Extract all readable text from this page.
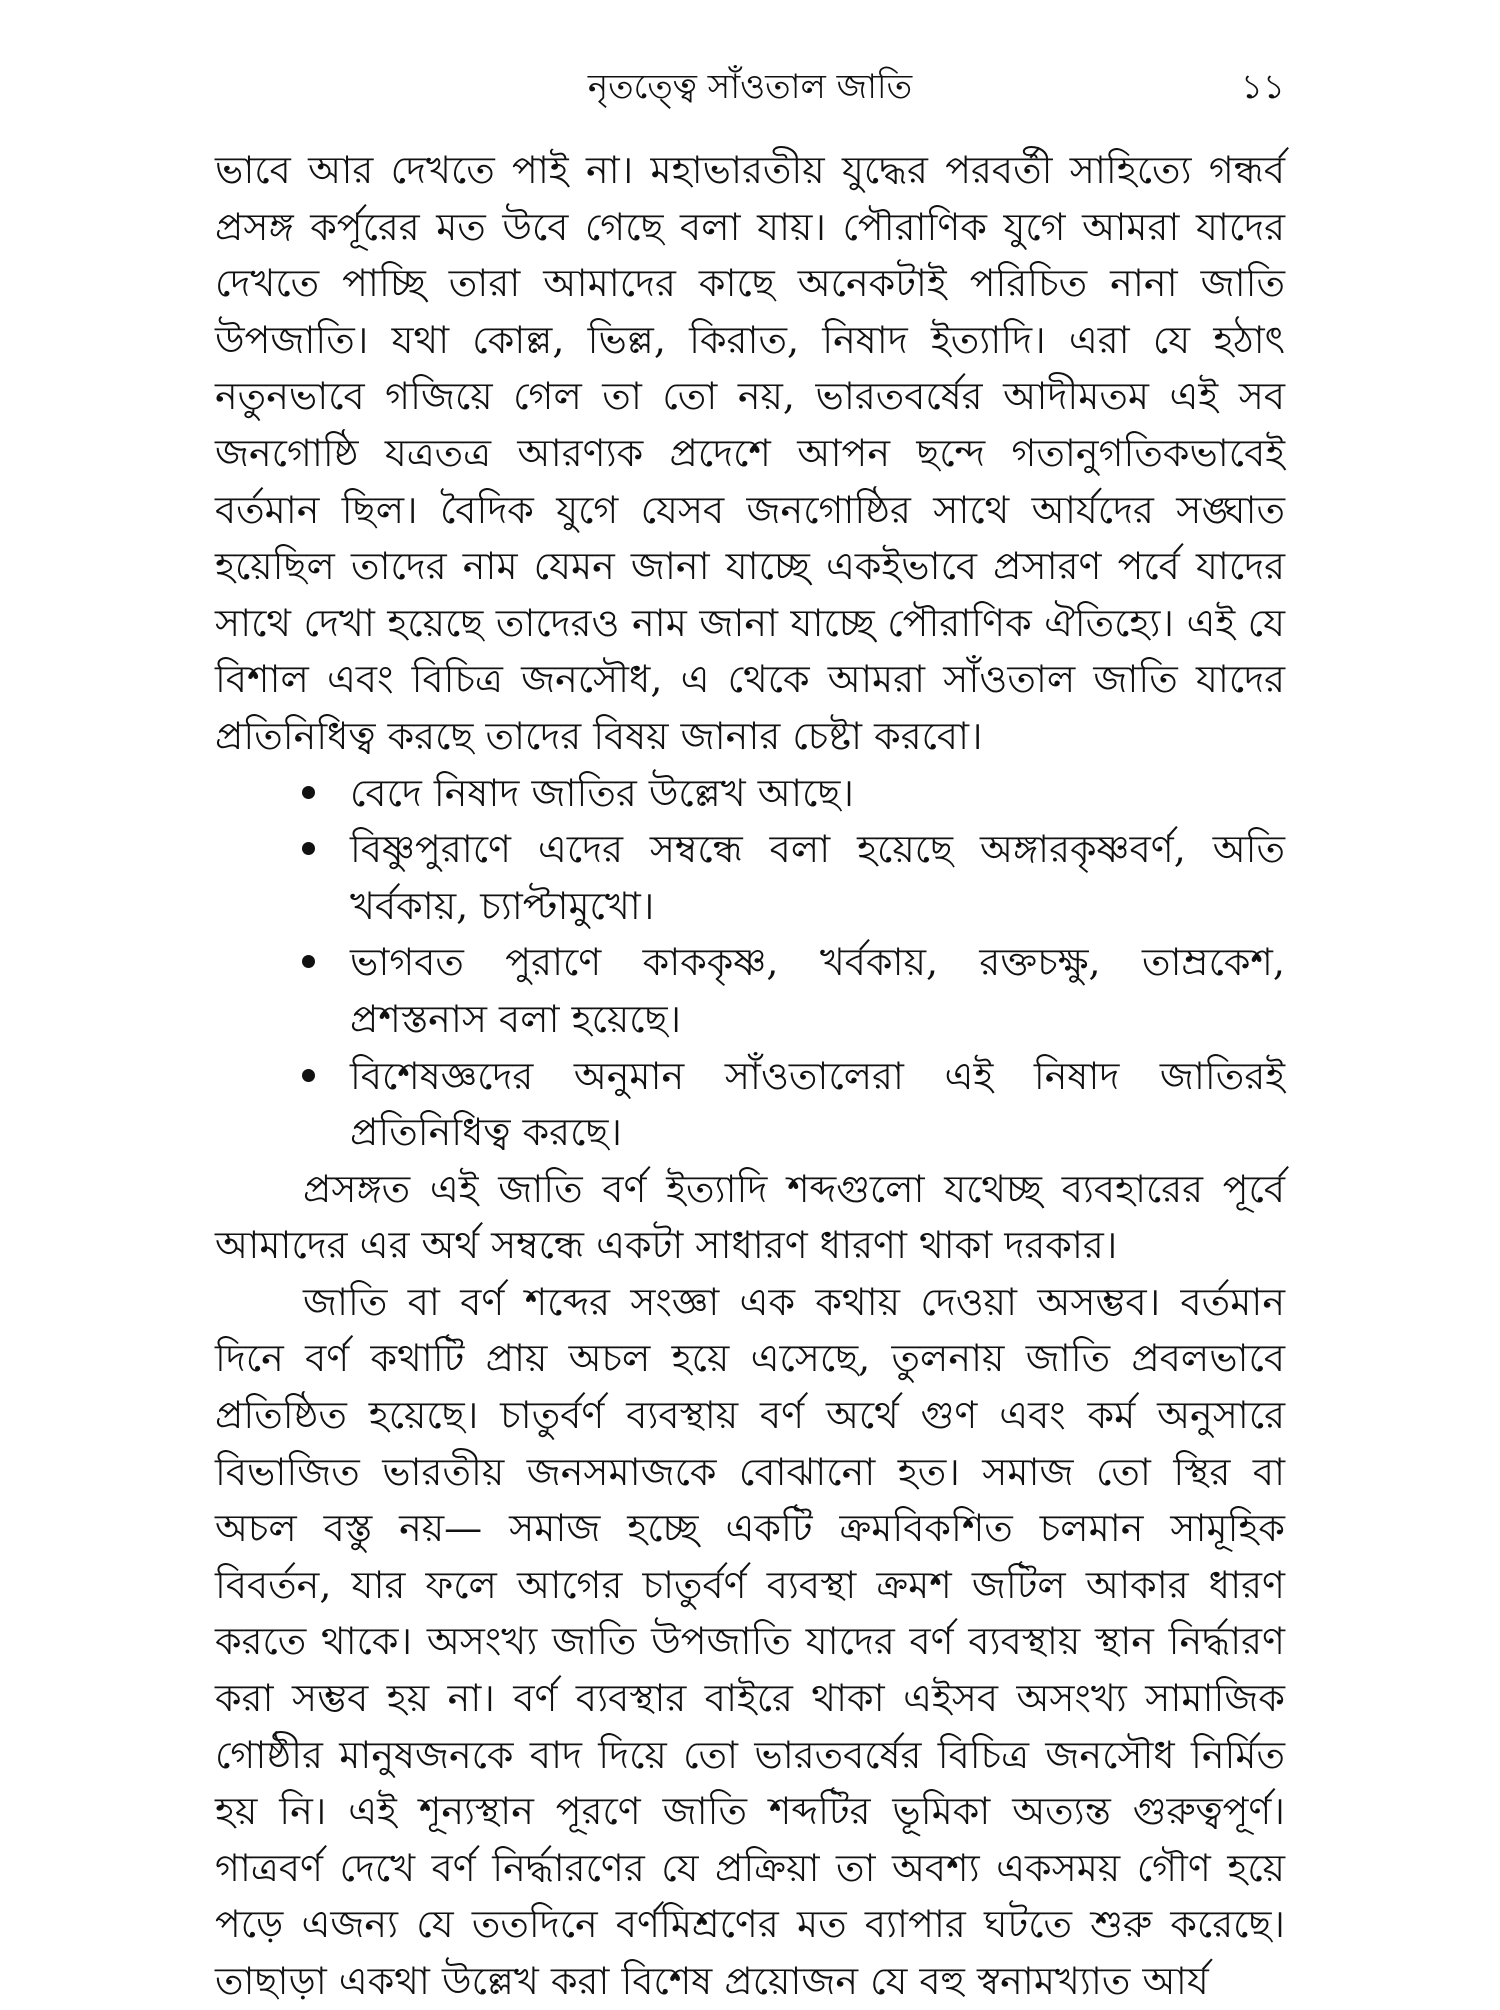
নৃতত্ত্বে সাঁওতাল জাতি	১১

ভাবে আর দেখতে পাই না। মহাভারতীয় যুদ্ধের পরবর্তী সাহিত্যে গন্ধর্ব প্রসঙ্গ কর্পূরের মত উবে গেছে বলা যায়। পৌরাণিক যুগে আমরা যাদের দেখতে পাচ্ছি তারা আমাদের কাছে অনেকটাই পরিচিত নানা জাতি উপজাতি। যথা কোল্ল, ভিল্ল, কিরাত, নিষাদ ইত্যাদি। এরা যে হঠাৎ নতুনভাবে গজিয়ে গেল তা তো নয়, ভারতবর্ষের আদীমতম এই সব জনগোষ্ঠি যত্রতত্র আরণ্যক প্রদেশে আপন ছন্দে গতানুগতিকভাবেই বর্তমান ছিল। বৈদিক যুগে যেসব জনগোষ্ঠির সাথে আর্যদের সঙ্ঘাত হয়েছিল তাদের নাম যেমন জানা যাচ্ছে একইভাবে প্রসারণ পর্বে যাদের সাথে দেখা হয়েছে তাদেরও নাম জানা যাচ্ছে পৌরাণিক ঐতিহ্যে। এই যে বিশাল এবং বিচিত্র জনসৌধ, এ থেকে আমরা সাঁওতাল জাতি যাদের প্রতিনিধিত্ব করছে তাদের বিষয় জানার চেষ্টা করবো।

বেদে নিষাদ জাতির উল্লেখ আছে।
বিষ্ণুপুরাণে এদের সম্বন্ধে বলা হয়েছে অঙ্গারকৃষ্ণবর্ণ, অতি খর্বকায়, চ্যাপ্টামুখো।
ভাগবত পুরাণে কাককৃষ্ণ, খর্বকায়, রক্তচক্ষু, তাম্রকেশ, প্রশস্তনাস বলা হয়েছে।
বিশেষজ্ঞদের অনুমান সাঁওতালেরা এই নিষাদ জাতিরই প্রতিনিধিত্ব করছে।

প্রসঙ্গত এই জাতি বর্ণ ইত্যাদি শব্দগুলো যথেচ্ছ ব্যবহারের পূর্বে আমাদের এর অর্থ সম্বন্ধে একটা সাধারণ ধারণা থাকা দরকার।

জাতি বা বর্ণ শব্দের সংজ্ঞা এক কথায় দেওয়া অসম্ভব। বর্তমান দিনে বর্ণ কথাটি প্রায় অচল হয়ে এসেছে, তুলনায় জাতি প্রবলভাবে প্রতিষ্ঠিত হয়েছে। চাতুর্বর্ণ ব্যবস্থায় বর্ণ অর্থে গুণ এবং কর্ম অনুসারে বিভাজিত ভারতীয় জনসমাজকে বোঝানো হত। সমাজ তো স্থির বা অচল বস্তু নয়— সমাজ হচ্ছে একটি ক্রমবিকশিত চলমান সামূহিক বিবর্তন, যার ফলে আগের চাতুর্বর্ণ ব্যবস্থা ক্রমশ জটিল আকার ধারণ করতে থাকে। অসংখ্য জাতি উপজাতি যাদের বর্ণ ব্যবস্থায় স্থান নির্দ্ধারণ করা সম্ভব হয় না। বর্ণ ব্যবস্থার বাইরে থাকা এইসব অসংখ্য সামাজিক গোষ্ঠীর মানুষজনকে বাদ দিয়ে তো ভারতবর্ষের বিচিত্র জনসৌধ নির্মিত হয় নি। এই শূন্যস্থান পূরণে জাতি শব্দটির ভূমিকা অত্যন্ত গুরুত্বপূর্ণ। গাত্রবর্ণ দেখে বর্ণ নির্দ্ধারণের যে প্রক্রিয়া তা অবশ্য একসময় গৌণ হয়ে পড়ে এজন্য যে ততদিনে বর্ণমিশ্রণের মত ব্যাপার ঘটতে শুরু করেছে। তাছাড়া একথা উল্লেখ করা বিশেষ প্রয়োজন যে বহু স্বনামখ্যাত আর্য
